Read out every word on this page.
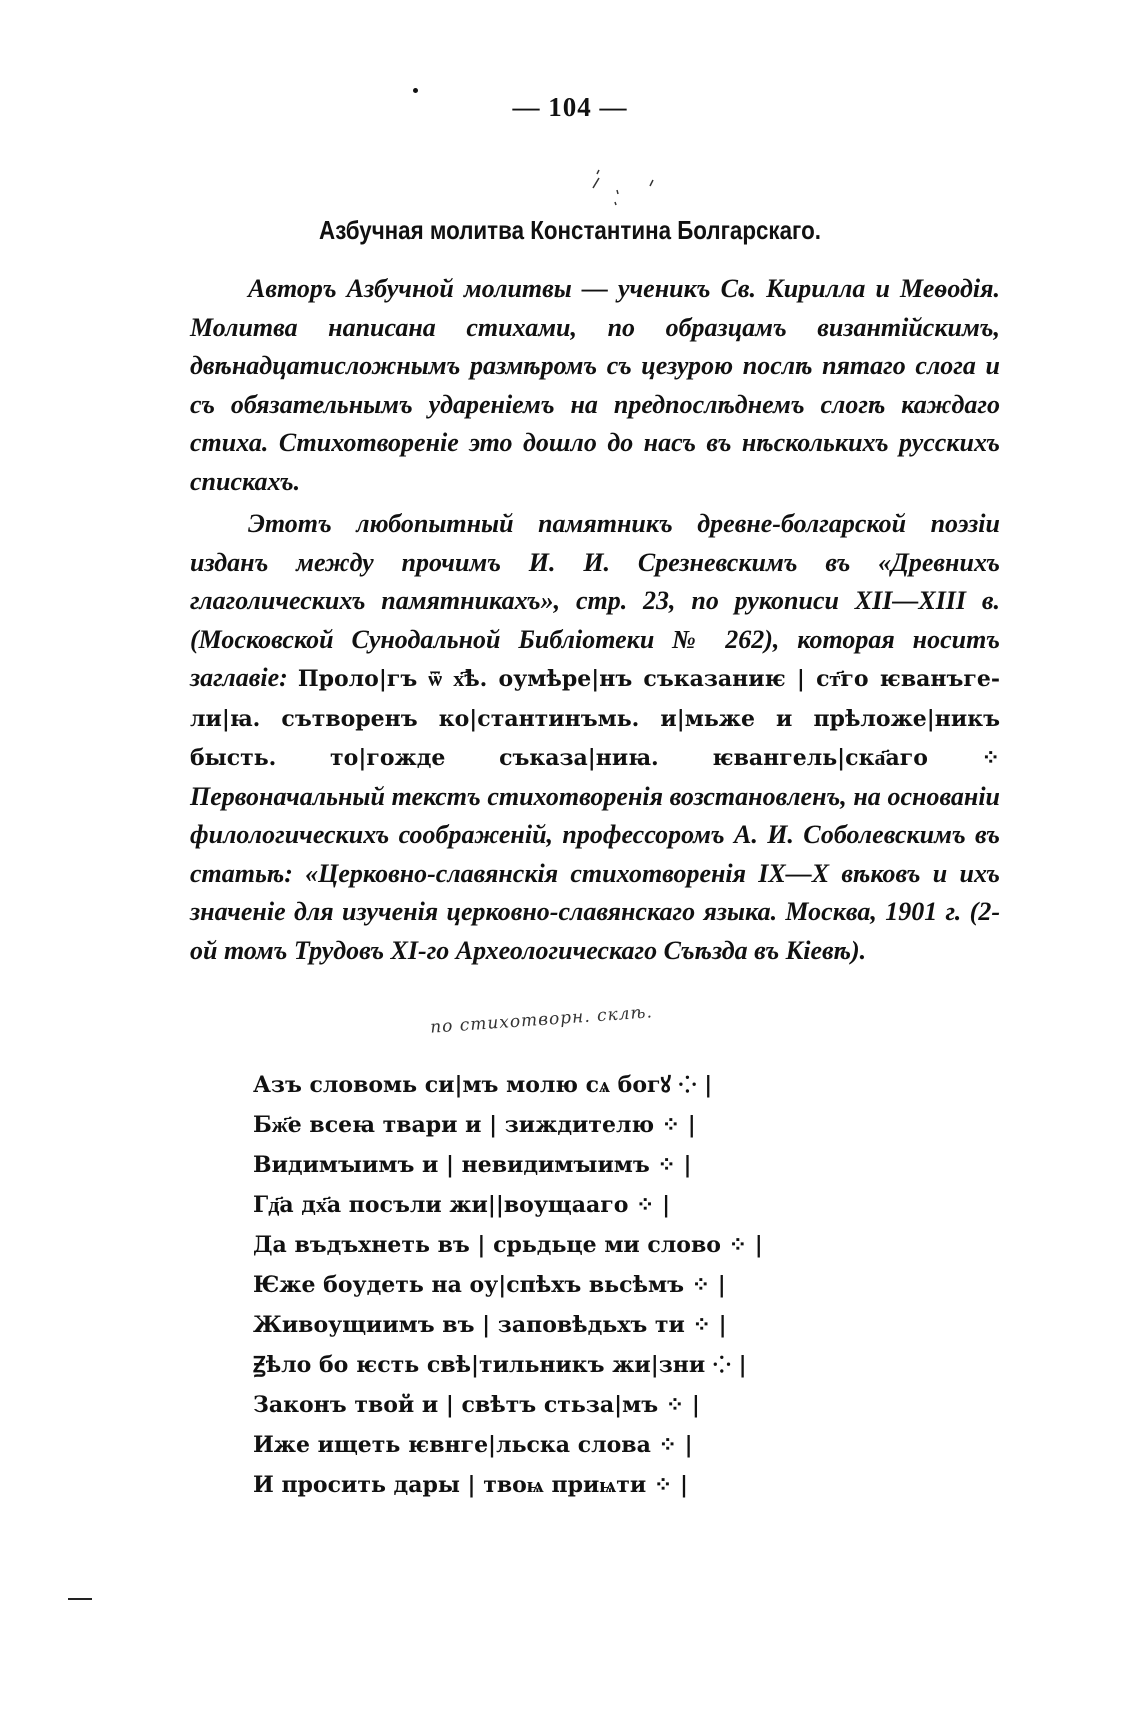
— 104 —
Азбучная молитва Константина Болгарскаго.

Авторъ Азбучной молитвы — ученикъ Св. Кирилла и Меѳодія. Молитва написана стихами, по образцамъ византійскимъ, двѣнадцатисложнымъ размѣромъ съ цезурою послѣ пятаго слога и съ обязательнымъ удареніемъ на предпослѣднемъ слогѣ каждаго стиха. Стихотвореніе это дошло до насъ въ нѣсколькихъ русскихъ спискахъ.

Этотъ любопытный памятникъ древне-болгарской поэзіи изданъ между прочимъ И. И. Срезневскимъ въ «Древнихъ глаголическихъ памятникахъ», стр. 23, по рукописи XII—XIII в. (Московской Сунодальной Библіотеки № 262), которая носитъ заглавіе: Проло|гъ ѿ х҃ѣ. оумѣре|нъ съказаниѥ | ст҃го ѥванъге-ли|ꙗ. сътворенъ ко|стантинъмь. и|мьже и прѣложе|никъ бысть. то|гожде съказа|ниꙗ. ѥвангель|ска҃аго ⁘ Первоначальный текстъ стихотворенія возстановленъ, на основаніи филологическихъ соображеній, профессоромъ А. И. Соболевскимъ въ статьѣ: «Церковно-славянскія стихотворенія IX—X вѣковъ и ихъ значеніе для изученія церковно-славянскаго языка. Москва, 1901 г. (2-ой томъ Трудовъ XI-го Археологическаго Съѣзда въ Кіевѣ).

по стихотворн. склѣ.
Азъ словомь си|мъ молю сѧ богꙋ ⁘ |
Бж҃е всеꙗ твари и | зиждителю ⁘ |
Видимꙑимъ и | невидимꙑимъ ⁘ |
Гд҃а дх҃а посъли жи||воущааго ⁘ |
Да въдъхнеть въ | срьдьце ми слово ⁘ |
Ѥже боудеть на оу|спѣхъ вьсѣмъ ⁘ |
Живоущиимъ въ | заповѣдьхъ ти ⁘ |
Ꙃѣло бо ѥсть свѣ|тильникъ жи|зни ⁘ |
Законъ твой и | свѣтъ стьза|мъ ⁘ |
Иже ищеть ѥвнге|льска слова ⁘ |
И просить дары | твоѩ приѩти ⁘ |
